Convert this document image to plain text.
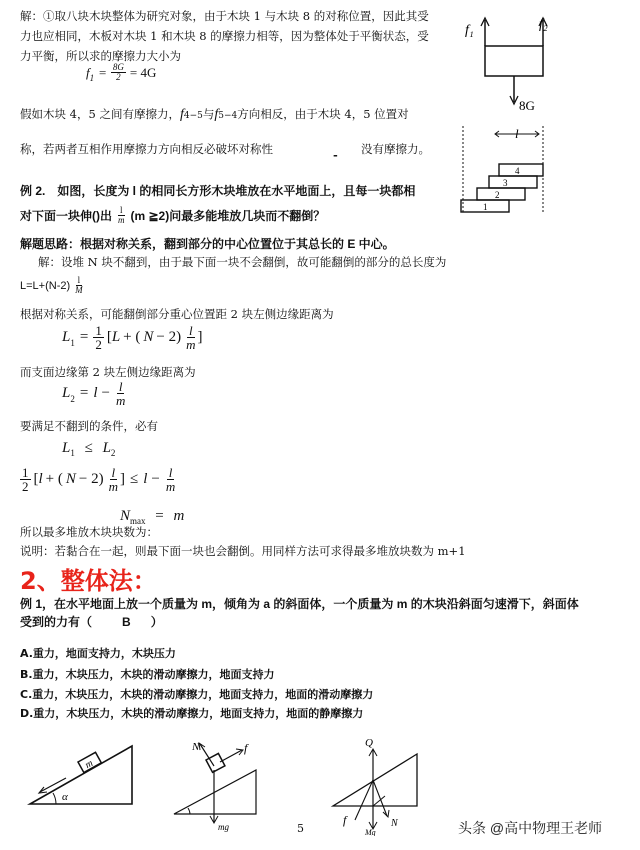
解：①取八块木块整体为研究对象，由于木块 1 与木块 8 的对称位置，因此其受
力也应相同，木板对木块 1 和木块 8 的摩擦力相等，因为整体处于平衡状态，受
力平衡，所以求的摩擦力大小为
f $1 = \frac{8G}{2} = 4G$
假如木块 4，5 之间有摩擦力，f4−5与f5−4方向相反，由于木块 4，5 位置对
称，若两者互相作用摩擦力方向相反必破坏对称性	- 没有摩擦力。
f₁	f₂
8G
l
1
2
3
4
例 2.　如图，长度为 l 的相同长方形木块堆放在水平地面上，且每一块都相
对下面一块伸()出 $\frac{l}{m} (m$ ≧2)问最多能堆放几块而不翻倒？
解题思路：根据对称关系，翻到部分的中心位置位于其总长的 E 中心。
解：设堆 N 块不翻到，由于最下面一块不会翻倒，故可能翻倒的部分的总长度为
$L=L+(N-2) \frac{l}{M}$
根据对称关系，可能翻倒部分重心位置距 2 块左侧边缘距离为
L $1 = \frac{1}{2}$ [ L + ( $N - 2) \frac{l}{m}$ ]
而支面边缘第 2 块左侧边缘距离为
L $2 = l - \frac{l}{m}$
要满足不翻到的条件，必有
$L_1 \le L_2$
$\frac{1}{2}$ [ l + ( $N - 2) \frac{l}{m}$ ] ≤ $l - \frac{l}{m}$
$N_{max} = m$
所以最多堆放木块块数为：
说明：若黏合在一起，则最下面一块也会翻倒。用同样方法可求得最多堆放块数为 m+1
2、整体法：
例 1，在水平地面上放一个质量为 m，倾角为 a 的斜面体，一个质量为 m 的木块沿斜面匀速滑下，斜面体
受到的力有（	B ）
A.重力，地面支持力，木块压力
B.重力，木块压力，木块的滑动摩擦力，地面支持力
C.重力，木块压力，木块的滑动摩擦力，地面支持力，地面的滑动摩擦力
D.重力，木块压力，木块的滑动摩擦力，地面支持力，地面的静摩擦力
m
α
N	f
mg
Q
f
Mg
N
5	头条 @高中物理王老师
